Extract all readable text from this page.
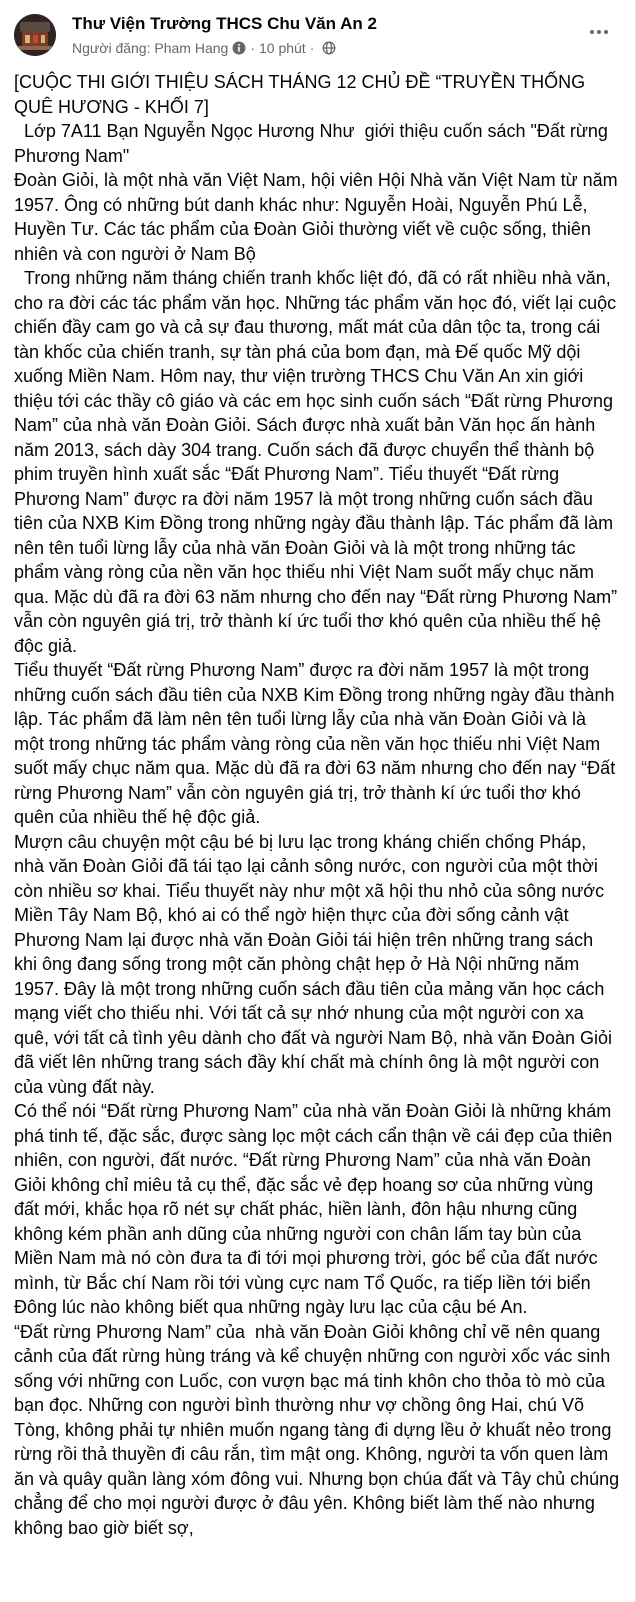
Thư Viện Trường THCS Chu Văn An 2
Người đăng: Pham Hang · 10 phút ·

[CUỘC THI GIỚI THIỆU SÁCH THÁNG 12 CHỦ ĐỀ “TRUYỀN THỐNG QUÊ HƯƠNG - KHỐI 7]

Lớp 7A11 Bạn Nguyễn Ngọc Hương Như  giới thiệu cuốn sách "Đất rừng Phương Nam"

Đoàn Giỏi, là một nhà văn Việt Nam, hội viên Hội Nhà văn Việt Nam từ năm 1957. Ông có những bút danh khác như: Nguyễn Hoài, Nguyễn Phú Lễ, Huyền Tư. Các tác phẩm của Đoàn Giỏi thường viết về cuộc sống, thiên nhiên và con người ở Nam Bộ

Trong những năm tháng chiến tranh khốc liệt đó, đã có rất nhiều nhà văn, cho ra đời các tác phẩm văn học. Những tác phẩm văn học đó, viết lại cuộc chiến đầy cam go và cả sự đau thương, mất mát của dân tộc ta, trong cái tàn khốc của chiến tranh, sự tàn phá của bom đạn, mà Đế quốc Mỹ dội xuống Miền Nam. Hôm nay, thư viện trường THCS Chu Văn An xin giới thiệu tới các thầy cô giáo và các em học sinh cuốn sách “Đất rừng Phương Nam” của nhà văn Đoàn Giỏi. Sách được nhà xuất bản Văn học ấn hành năm 2013, sách dày 304 trang. Cuốn sách đã được chuyển thể thành bộ phim truyền hình xuất sắc “Đất Phương Nam”. Tiểu thuyết “Đất rừng Phương Nam” được ra đời năm 1957 là một trong những cuốn sách đầu tiên của NXB Kim Đồng trong những ngày đầu thành lập. Tác phẩm đã làm nên tên tuổi lừng lẫy của nhà văn Đoàn Giỏi và là một trong những tác phẩm vàng ròng của nền văn học thiếu nhi Việt Nam suốt mấy chục năm qua. Mặc dù đã ra đời 63 năm nhưng cho đến nay “Đất rừng Phương Nam” vẫn còn nguyên giá trị, trở thành kí ức tuổi thơ khó quên của nhiều thế hệ độc giả.

Tiểu thuyết “Đất rừng Phương Nam” được ra đời năm 1957 là một trong những cuốn sách đầu tiên của NXB Kim Đồng trong những ngày đầu thành lập. Tác phẩm đã làm nên tên tuổi lừng lẫy của nhà văn Đoàn Giỏi và là một trong những tác phẩm vàng ròng của nền văn học thiếu nhi Việt Nam suốt mấy chục năm qua. Mặc dù đã ra đời 63 năm nhưng cho đến nay “Đất rừng Phương Nam” vẫn còn nguyên giá trị, trở thành kí ức tuổi thơ khó quên của nhiều thế hệ độc giả.

Mượn câu chuyện một cậu bé bị lưu lạc trong kháng chiến chống Pháp, nhà văn Đoàn Giỏi đã tái tạo lại cảnh sông nước, con người của một thời còn nhiều sơ khai. Tiểu thuyết này như một xã hội thu nhỏ của sông nước Miền Tây Nam Bộ, khó ai có thể ngờ hiện thực của đời sống cảnh vật Phương Nam lại được nhà văn Đoàn Giỏi tái hiện trên những trang sách khi ông đang sống trong một căn phòng chật hẹp ở Hà Nội những năm 1957. Đây là một trong những cuốn sách đầu tiên của mảng văn học cách mạng viết cho thiếu nhi. Với tất cả sự nhớ nhung của một người con xa quê, với tất cả tình yêu dành cho đất và người Nam Bộ, nhà văn Đoàn Giỏi đã viết lên những trang sách đầy khí chất mà chính ông là một người con của vùng đất này.

Có thể nói “Đất rừng Phương Nam” của nhà văn Đoàn Giỏi là những khám phá tinh tế, đặc sắc, được sàng lọc một cách cẩn thận về cái đẹp của thiên nhiên, con người, đất nước. “Đất rừng Phương Nam” của nhà văn Đoàn Giỏi không chỉ miêu tả cụ thể, đặc sắc vẻ đẹp hoang sơ của những vùng đất mới, khắc họa rõ nét sự chất phác, hiền lành, đôn hậu nhưng cũng không kém phần anh dũng của những người con chân lấm tay bùn của Miền Nam mà nó còn đưa ta đi tới mọi phương trời, góc bể của đất nước mình, từ Bắc chí Nam rồi tới vùng cực nam Tổ Quốc, ra tiếp liền tới biển Đông lúc nào không biết qua những ngày lưu lạc của cậu bé An.

“Đất rừng Phương Nam” của  nhà văn Đoàn Giỏi không chỉ vẽ nên quang cảnh của đất rừng hùng tráng và kể chuyện những con người xốc vác sinh sống với những con Luốc, con vượn bạc má tinh khôn cho thỏa tò mò của bạn đọc. Những con người bình thường như vợ chồng ông Hai, chú Võ Tòng, không phải tự nhiên muốn ngang tàng đi dựng lều ở khuất nẻo trong rừng rồi thả thuyền đi câu rắn, tìm mật ong. Không, người ta vốn quen làm ăn và quây quần làng xóm đông vui. Nhưng bọn chúa đất và Tây chủ chúng chẳng để cho mọi người được ở đâu yên. Không biết làm thế nào nhưng không bao giờ biết sợ,
